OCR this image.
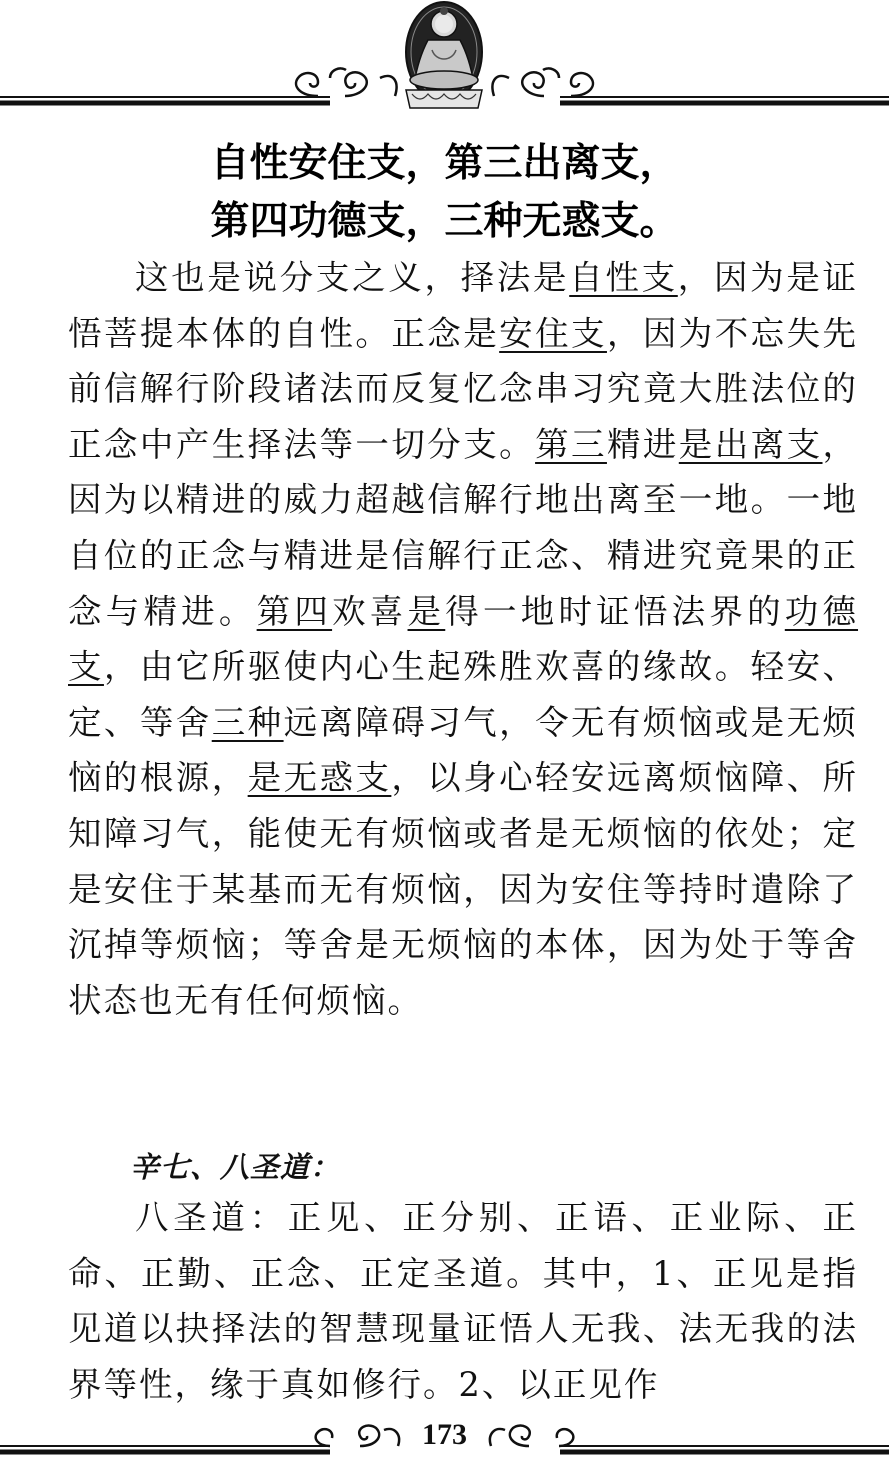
自性安住支，第三出离支，
第四功德支，三种无惑支。

这也是说分支之义，择法是自性支，因为是证悟菩提本体的自性。正念是安住支，因为不忘失先前信解行阶段诸法而反复忆念串习究竟大胜法位的正念中产生择法等一切分支。第三精进是出离支，因为以精进的威力超越信解行地出离至一地。一地自位的正念与精进是信解行正念、精进究竟果的正念与精进。第四欢喜是得一地时证悟法界的功德支，由它所驱使内心生起殊胜欢喜的缘故。轻安、定、等舍三种远离障碍习气，令无有烦恼或是无烦恼的根源，是无惑支，以身心轻安远离烦恼障、所知障习气，能使无有烦恼或者是无烦恼的依处；定是安住于某基而无有烦恼，因为安住等持时遣除了沉掉等烦恼；等舍是无烦恼的本体，因为处于等舍状态也无有任何烦恼。

辛七、八圣道：

八圣道：正见、正分别、正语、正业际、正命、正勤、正念、正定圣道。其中，1、正见是指见道以抉择法的智慧现量证悟人无我、法无我的法界等性，缘于真如修行。2、以正见作

173
